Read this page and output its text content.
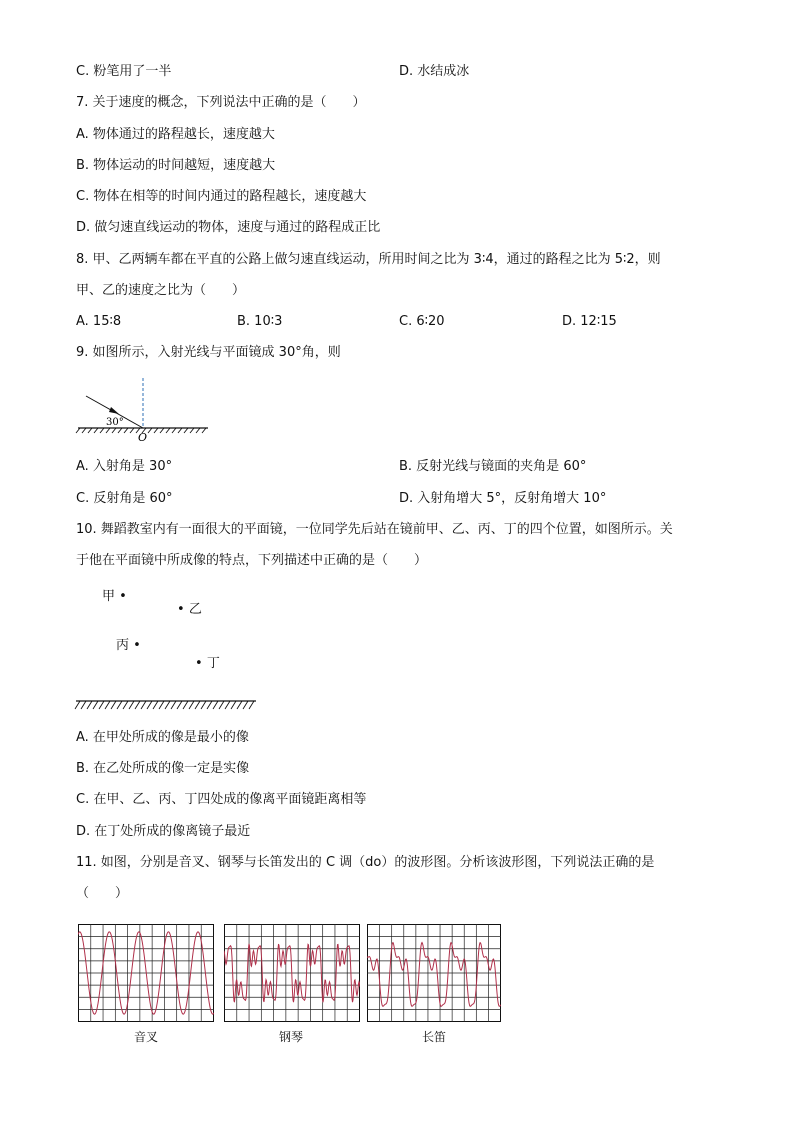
C. 粉笔用了一半	D. 水结成冰
7. 关于速度的概念，下列说法中正确的是（　　）
A. 物体通过的路程越长，速度越大
B. 物体运动的时间越短，速度越大
C. 物体在相等的时间内通过的路程越长，速度越大
D. 做匀速直线运动的物体，速度与通过的路程成正比
8. 甲、乙两辆车都在平直的公路上做匀速直线运动，所用时间之比为 3∶4，通过的路程之比为 5∶2，则
甲、乙的速度之比为（　　）
A. 15∶8	B. 10∶3	C. 6∶20	D. 12∶15
9. 如图所示，入射光线与平面镜成 30°角，则
30°
O
A. 入射角是 30°	B. 反射光线与镜面的夹角是 60°
C. 反射角是 60°	D. 入射角增大 5°，反射角增大 10°
10. 舞蹈教室内有一面很大的平面镜，一位同学先后站在镜前甲、乙、丙、丁的四个位置，如图所示。关
于他在平面镜中所成像的特点，下列描述中正确的是（　　）
甲 •
• 乙
丙 •
• 丁
A. 在甲处所成的像是最小的像
B. 在乙处所成的像一定是实像
C. 在甲、乙、丙、丁四处成的像离平面镜距离相等
D. 在丁处所成的像离镜子最近
11. 如图，分别是音叉、钢琴与长笛发出的 C 调（do）的波形图。分析该波形图，下列说法正确的是
（　　）
音叉	钢琴	长笛
